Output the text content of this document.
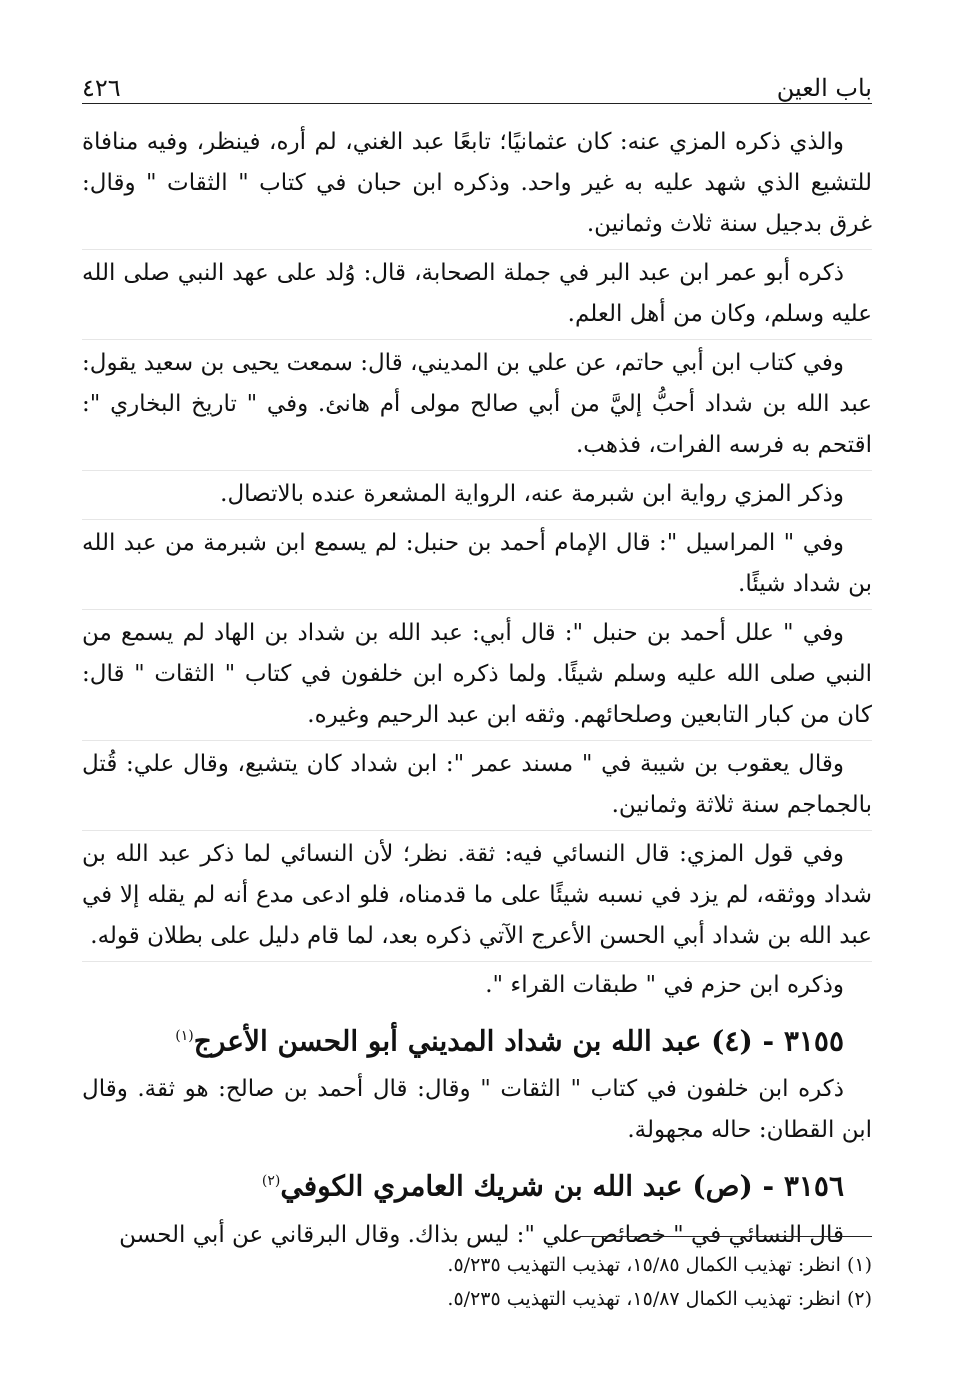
باب العين
٤٢٦

والذي ذكره المزي عنه: كان عثمانيًا؛ تابعًا عبد الغني، لم أره، فينظر، وفيه منافاة للتشيع الذي شهد عليه به غير واحد. وذكره ابن حبان في كتاب " الثقات " وقال: غرق بدجيل سنة ثلاث وثمانين.

ذكره أبو عمر ابن عبد البر في جملة الصحابة، قال: وُلد على عهد النبي صلى الله عليه وسلم، وكان من أهل العلم.

وفي كتاب ابن أبي حاتم، عن علي بن المديني، قال: سمعت يحيى بن سعيد يقول: عبد الله بن شداد أحبُّ إليَّ من أبي صالح مولى أم هانئ. وفي " تاريخ البخاري ": اقتحم به فرسه الفرات، فذهب.

وذكر المزي رواية ابن شبرمة عنه، الرواية المشعرة عنده بالاتصال.

وفي " المراسيل ": قال الإمام أحمد بن حنبل: لم يسمع ابن شبرمة من عبد الله بن شداد شيئًا.

وفي " علل أحمد بن حنبل ": قال أبي: عبد الله بن شداد بن الهاد لم يسمع من النبي صلى الله عليه وسلم شيئًا. ولما ذكره ابن خلفون في كتاب " الثقات " قال: كان من كبار التابعين وصلحائهم. وثقه ابن عبد الرحيم وغيره.

وقال يعقوب بن شيبة في " مسند عمر ": ابن شداد كان يتشيع، وقال علي: قُتل بالجماجم سنة ثلاثة وثمانين.

وفي قول المزي: قال النسائي فيه: ثقة. نظر؛ لأن النسائي لما ذكر عبد الله بن شداد ووثقه، لم يزد في نسبه شيئًا على ما قدمناه، فلو ادعى مدع أنه لم يقله إلا في عبد الله بن شداد أبي الحسن الأعرج الآتي ذكره بعد، لما قام دليل على بطلان قوله.

وذكره ابن حزم في " طبقات القراء ".

٣١٥٥ - (٤) عبد الله بن شداد المديني أبو الحسن الأعرج$^{(١)}$

ذكره ابن خلفون في كتاب " الثقات " وقال: قال أحمد بن صالح: هو ثقة. وقال ابن القطان: حاله مجهولة.

٣١٥٦ - (ص) عبد الله بن شريك العامري الكوفي$^{(٢)}$

قال النسائي في " خصائص علي ": ليس بذاك. وقال البرقاني عن أبي الحسن

(١) انظر: تهذيب الكمال ١٥/٨٥، تهذيب التهذيب ٥/٢٣٥.

(٢) انظر: تهذيب الكمال ١٥/٨٧، تهذيب التهذيب ٥/٢٣٥.
